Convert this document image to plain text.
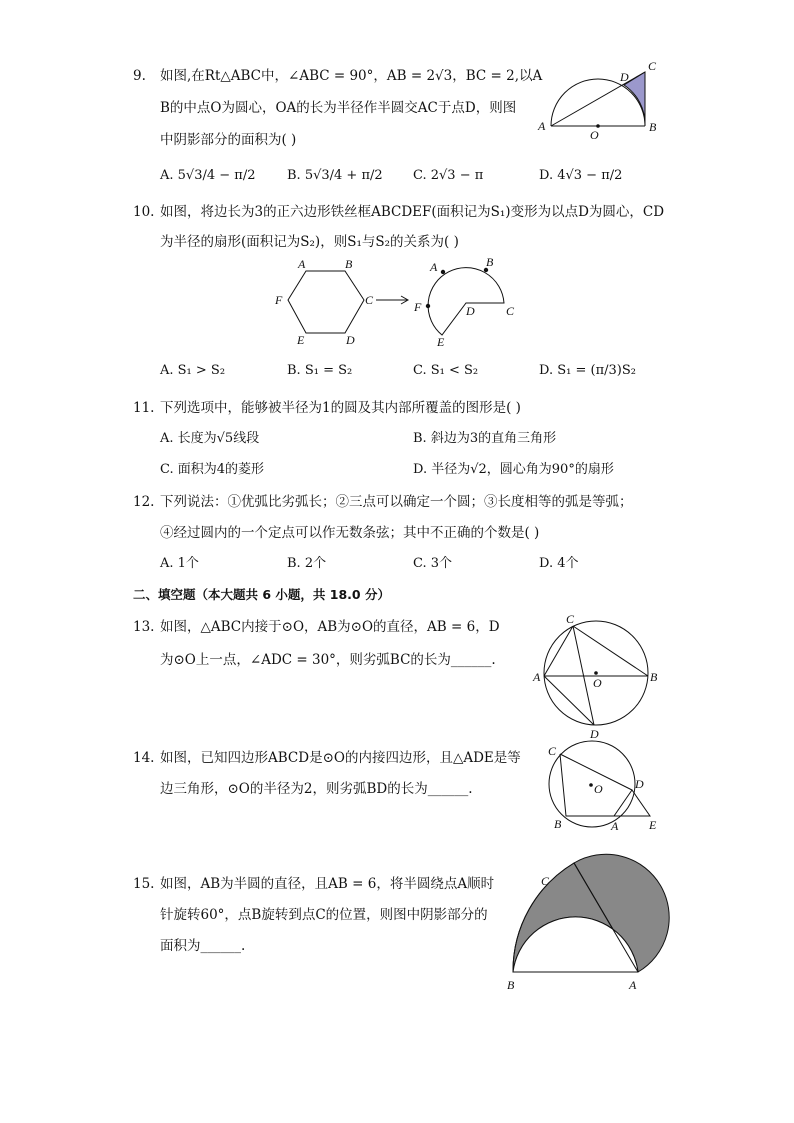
9. 如图,在Rt△ABC中，∠ABC = 90°，AB = 2√3，BC = 2,以A
B的中点O为圆心，OA的长为半径作半圆交AC于点D，则图
中阴影部分的面积为( )
A. 5√3/4 − π/2 B. 5√3/4 + π/2 C. 2√3 − π	D. 4√3 − π/2
A
O
B
C
D
10. 如图，将边长为3的正六边形铁丝框ABCDEF(面积记为S₁)变形为以点D为圆心，CD
为半径的扇形(面积记为S₂)，则S₁与S₂的关系为( )
A	B
C
D
E
F
A	B
C
D
E
F
A. S₁ > S₂	B. S₁ = S₂	C. S₁ < S₂	D. S₁ = (π/3)S₂
11. 下列选项中，能够被半径为1的圆及其内部所覆盖的图形是( )
A. 长度为√5线段	B. 斜边为3的直角三角形
C. 面积为4的菱形	D. 半径为√2，圆心角为90°的扇形
12. 下列说法：①优弧比劣弧长；②三点可以确定一个圆；③长度相等的弧是等弧；
④经过圆内的一个定点可以作无数条弦；其中不正确的个数是( )
A. 1个	B. 2个	C. 3个	D. 4个
二、填空题（本大题共 6 小题，共 18.0 分）
13. 如图，△ABC内接于⊙O，AB为⊙O的直径，AB = 6，D
为⊙O上一点，∠ADC = 30°，则劣弧BC的长为______.
A	B
C
D
O
14. 如图，已知四边形ABCD是⊙O的内接四边形，且△ADE是等
边三角形，⊙O的半径为2，则劣弧BD的长为______.
C
D
O
B	A	E
15. 如图，AB为半圆的直径，且AB = 6，将半圆绕点A顺时
针旋转60°，点B旋转到点C的位置，则图中阴影部分的
面积为______.
C
B	A
